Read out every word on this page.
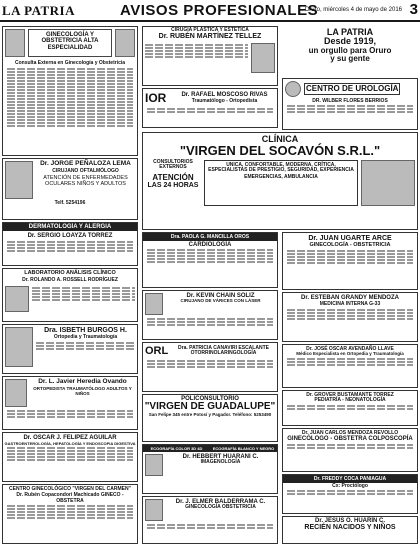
LA PATRIA	AVISOS PROFESIONALES
Oruro, miércoles 4 de mayo de 2016 3
GINECOLOGÍA Y OBSTETRICIA ALTA ESPECIALIDAD
Consulta Externa en Ginecología y Obstetricia
Dr. JORGE PEÑALOZA LEMA
CIRUJANO OFTALMÓLOGO
ATENCIÓN DE ENFERMEDADES
OCULARES NIÑOS Y ADULTOS
Telf. 5254196
DERMATOLOGÍA Y ALERGIA
Dr. SERGIO LOAYZA TORREZ
LABORATORIO ANÁLISIS CLÍNICO
Dr. ROLANDO A. ROSSELL RODRÍGUEZ
Dra. ISBETH BURGOS H.
Ortopedia y Traumatología
Dr. L. Javier Heredia Ovando
ORTOPEDISTA TRAUMATÓLOGO ADULTOS Y NIÑOS
Dr. OSCAR J. FELIPEZ AGUILAR
GASTROENTEROLOGÍA, HEPATOLOGÍA Y ENDOSCOPIA DIGESTIVA
CENTRO GINECOLÓGICO "VIRGEN DEL CARMEN"
Dr. Rubén Copacondori Machicado GINECO - OBSTETRA
CIRUGÍA PLÁSTICA Y ESTÉTICA
Dr. RUBÉN MARTÍNEZ TELLEZ
IOR	Dr. RAFAEL MOSCOSO RIVAS
Traumatólogo - Ortopedista
LA PATRIA
Desde 1919,
un orgullo para Oruro
y su gente
CENTRO DE UROLOGÍA
DR. WILBER FLORES BERRIOS
CLÍNICA
"VIRGEN DEL SOCAVÓN S.R.L."
CONSULTORIOS
EXTERNOS
ATENCIÓN
LAS 24 HORAS
UNICA, CONFORTABLE, MODERNA, CRÍTICA, ESPECIALISTAS DE PRESTIGIO, SEGURIDAD, EXPERIENCIA
EMERGENCIAS, AMBULANCIA
Dra. PAOLA G. MANCILLA OROS
CARDIOLOGÍA
Dr. KEVIN CHAIN SOLIZ
CIRUJANO DE VÁRICES CON LÁSER
ORL	Dra. PATRICIA CANAVIRI ESCALANTE
OTORRINOLARINGOLOGÍA
Dr. JUAN UGARTE ARCE
GINECOLOGÍA - OBSTETRICIA
Dr. ESTEBAN GRANDY MENDOZA
MEDICINA INTERNA G-33
Dr. JOSÉ OSCAR AVENDAÑO LLAVE
Médico Especialista en Ortopedia y Traumatología
Dr. GROVER BUSTAMANTE TORREZ
PEDIATRÍA - NEONATOLOGÍA
POLICONSULTORIO
"VIRGEN DE GUADALUPE"
San Felipe 345 entre Potosí y Pagador. Teléfono: 5253490
ECOGRAFÍA COLOR 3D 4D	ECOGRAFÍA BLANCO Y NEGRO
Dr. HEBBERT HUARANI C.
IMAGENOLOGÍA
Dr. J. ELMER BALDERRAMA C.
GINECOLOGÍA OBSTETRICIA
Dr. JUAN CARLOS MENDOZA REVOLLO
GINECÓLOGO - OBSTETRA COLPOSCOPÍA
Dr. FREDDY COCA PANIAGUA
Cx: Proctólogo
Dr. JESÚS O. HUARÍN C.
RECIÉN NACIDOS Y NIÑOS
